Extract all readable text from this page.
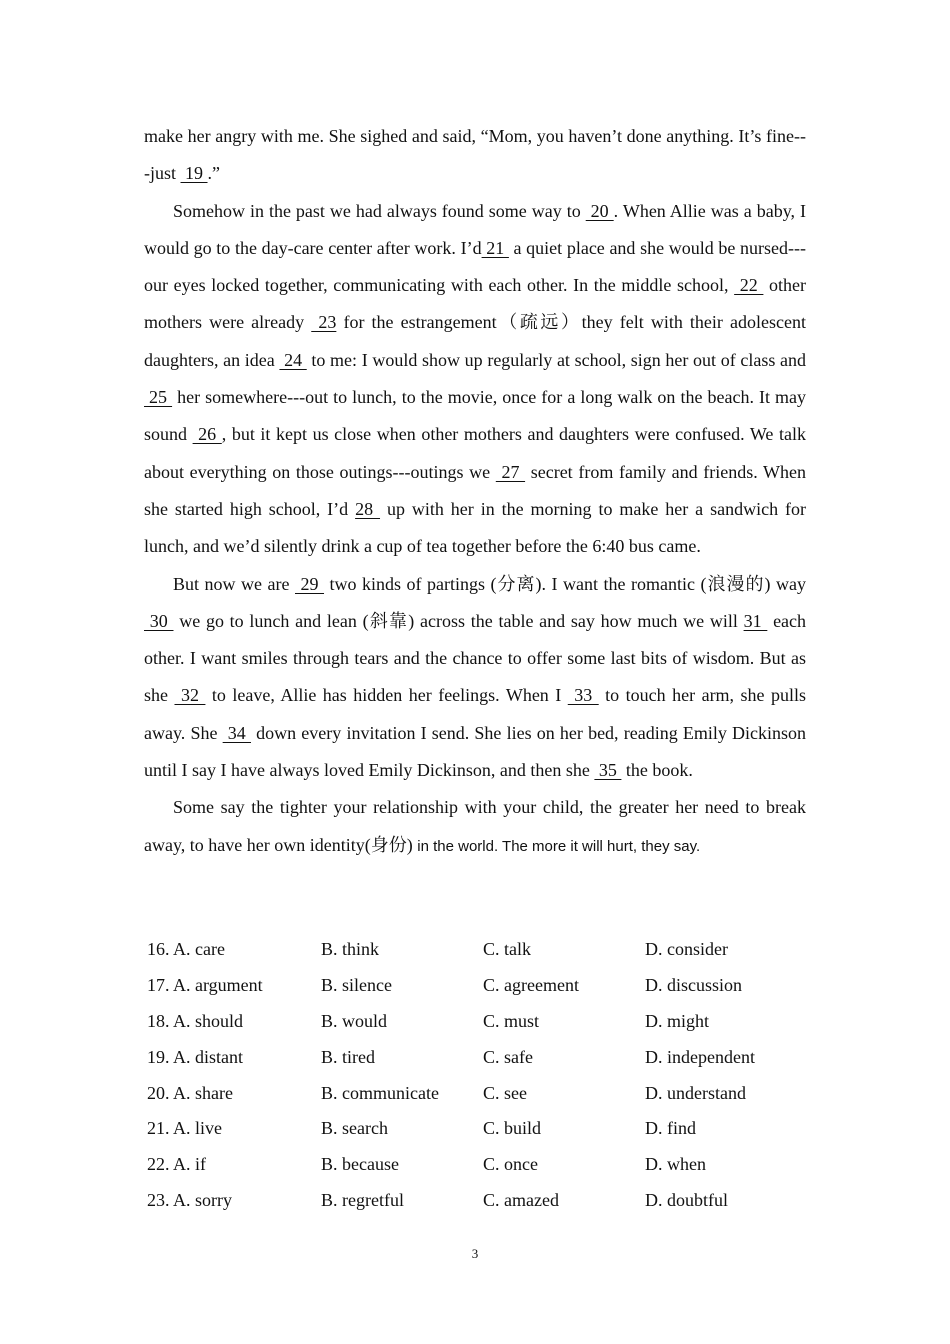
make her angry with me. She sighed and said, “Mom, you haven’t done anything. It’s fine---just  19 .”

Somehow in the past we had always found some way to  20 . When Allie was a baby, I would go to the day-care center after work. I’d 21  a quiet place and she would be nursed---our eyes locked together, communicating with each other. In the middle school,  22  other mothers were already  23 for the estrangement（疏远）they felt with their adolescent daughters, an idea  24  to me: I would show up regularly at school, sign her out of class and  25  her somewhere---out to lunch, to the movie, once for a long walk on the beach. It may sound  26 , but it kept us close when other mothers and daughters were confused. We talk about everything on those outings---outings we  27  secret from family and friends. When she started high school, I’d 28  up with her in the morning to make her a sandwich for lunch, and we’d silently drink a cup of tea together before the 6:40 bus came.

But now we are  29  two kinds of partings (分离). I want the romantic (浪漫的) way  30  we go to lunch and lean (斜靠) across the table and say how much we will 31  each other. I want smiles through tears and the chance to offer some last bits of wisdom. But as she  32  to leave, Allie has hidden her feelings. When I  33  to touch her arm, she pulls away. She  34  down every invitation I send. She lies on her bed, reading Emily Dickinson until I say I have always loved Emily Dickinson, and then she  35  the book.

Some say the tighter your relationship with your child, the greater her need to break away, to have her own identity(身份) in the world. The more it will hurt, they say.

16. A. care	B. think	C. talk	D. consider
17. A. argument	B. silence	C. agreement	D. discussion
18. A. should	B. would	C. must	D. might
19. A. distant	B. tired	C. safe	D. independent
20. A. share	B. communicate	C. see	D. understand
21. A. live	B. search	C. build	D. find
22. A. if	B. because	C. once	D. when
23. A. sorry	B. regretful	C. amazed	D. doubtful
3
